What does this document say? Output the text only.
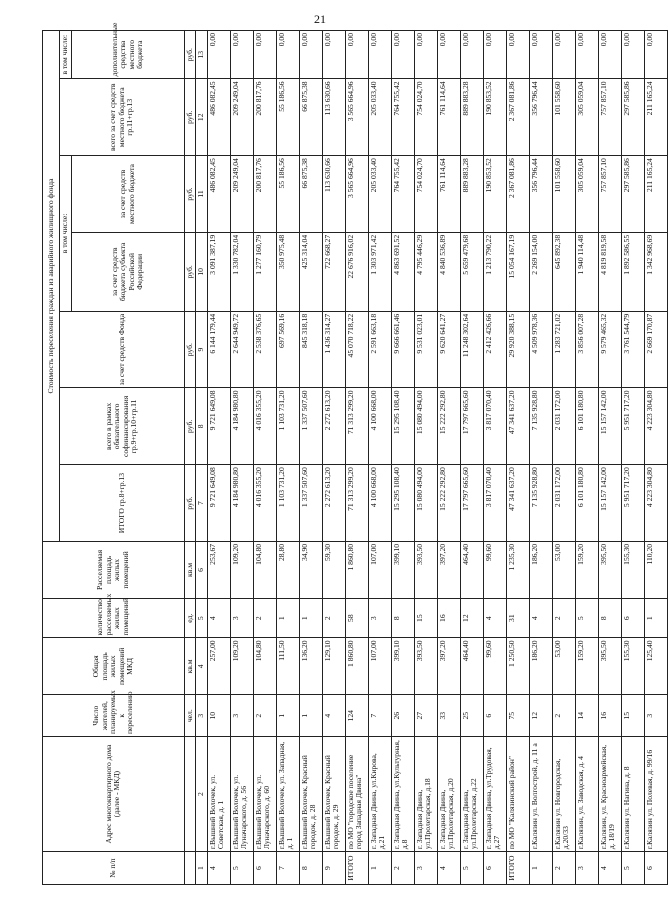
21
№ п/п	Адрес многоквартирного дома (далее - МКД)	Число жителей, планируемых к переселению	Общая площадь жилых помещений МКД	количество расселяемых жилых помещений	Расселяемая площадь жилых помещений	Стоимость переселения граждан из аварийного жилищного фонда						
						ИТОГО гр.8+гр.13	всего в рамках обязательного софинансирования гр.9+гр.10+гр.11	за счет средств Фонда	в том числе:		всего за счет средств местного бюджета гр.11+гр.13	в том числе:
									за счет средств бюджета субъекта Российской Федерации	за счет средств местного бюджета		дополнительные средства местного бюджета
		чел.	кв.м	ед.	кв.м	руб.	руб.	руб.	руб.	руб.	руб.	руб.
1	2	3	4	5	6	7	8	9	10	11	12	13
4	г.Вышний Волочек, ул. Советская, д. 1	10	257,00	4	253,67	9 721 649,08	9 721 649,08	6 144 179,44	3 091 387,19	486 082,45	486 082,45	0,00
5	г.Вышний Волочек, ул. Луначарского, д. 56	3	109,20	3	109,20	4 184 980,80	4 184 980,80	2 644 949,72	1 330 782,04	209 249,04	209 249,04	0,00
6	г.Вышний Волочек, ул. Луначарского, д. 60	2	104,80	2	104,80	4 016 355,20	4 016 355,20	2 538 376,65	1 277 160,79	200 817,76	200 817,76	0,00
7	г.Вышний Волочек, ул. Западная, д. 1	1	111,50	1	28,80	1 103 731,20	1 103 731,20	697 569,16	350 975,48	55 186,56	55 186,56	0,00
8	г.Вышний Волочек, Красный городок, д. 28	1	136,20	1	34,90	1 337 507,60	1 337 507,60	845 318,18	425 314,04	66 875,38	66 875,38	0,00
9	г.Вышний Волочек, Красный городок, д. 29	4	129,10	2	59,30	2 272 613,20	2 272 613,20	1 436 314,27	722 668,27	113 630,66	113 630,66	0,00
ИТОГО	по МО "городское поселение город Западная Двина"	124	1 860,80	58	1 860,80	71 313 299,20	71 313 299,20	45 070 718,22	22 676 916,02	3 565 664,96	3 565 664,96	0,00
1	г. Западная Двина, ул.Кирова, д.21	7	107,00	3	107,00	4 100 668,00	4 100 668,00	2 591 663,18	1 303 971,42	205 033,40	205 033,40	0,00
2	г. Западная Двина, ул.Культурная, д.8	26	399,10	8	399,10	15 295 108,40	15 295 108,40	9 666 661,46	4 863 691,52	764 755,42	764 755,42	0,00
3	г. Западная Двина, ул.Пролетарская, д.18	27	393,50	15	393,50	15 080 494,00	15 080 494,00	9 531 023,01	4 795 446,29	754 024,70	754 024,70	0,00
4	г. Западная Двина, ул.Пролетарская, д.20	33	397,20	16	397,20	15 222 292,80	15 222 292,80	9 620 641,27	4 840 536,89	761 114,64	761 114,64	0,00
5	г. Западная Двина, ул.Пролетарская, д.22	25	464,40	12	464,40	17 797 665,60	17 797 665,60	11 248 302,64	5 659 479,68	889 883,28	889 883,28	0,00
6	г. Западная Двина, ул.Трудовая, д.27	6	99,60	4	99,60	3 817 070,40	3 817 070,40	2 412 426,66	1 213 790,22	190 853,52	190 853,52	0,00
ИТОГО	по МО "Калязинский район"	75	1 250,50	31	1 235,30	47 341 637,20	47 341 637,20	29 920 388,15	15 054 167,19	2 367 081,86	2 367 081,86	0,00
1	г.Калязин ул. Волгострой, д. 11 а	12	186,20	4	186,20	7 135 928,80	7 135 928,80	4 509 978,36	2 269 154,00	356 796,44	356 796,44	0,00
2	г.Калязин ул. Новгородская, д.20/33	2	53,00	2	53,00	2 031 172,00	2 031 172,00	1 283 721,02	645 892,38	101 558,60	101 558,60	0,00
3	г.Калязин, ул. Заводская, д. 4	14	159,20	5	159,20	6 101 180,80	6 101 180,80	3 856 007,28	1 940 114,48	305 059,04	305 059,04	0,00
4	г.Калязин, ул. Красноармейская, д. 18/19	16	395,50	8	395,50	15 157 142,00	15 157 142,00	9 579 465,32	4 819 819,58	757 857,10	757 857,10	0,00
5	г.Калязин ул. Нагина, д. 8	15	155,30	6	155,30	5 951 717,20	5 951 717,20	3 761 544,79	1 892 586,55	297 585,86	297 585,86	0,00
6	г.Калязин ул. Полевая, д. 99/16	3	125,40	1	110,20	4 223 304,80	4 223 304,80	2 669 170,87	1 342 968,69	211 165,24	211 165,24	0,00
